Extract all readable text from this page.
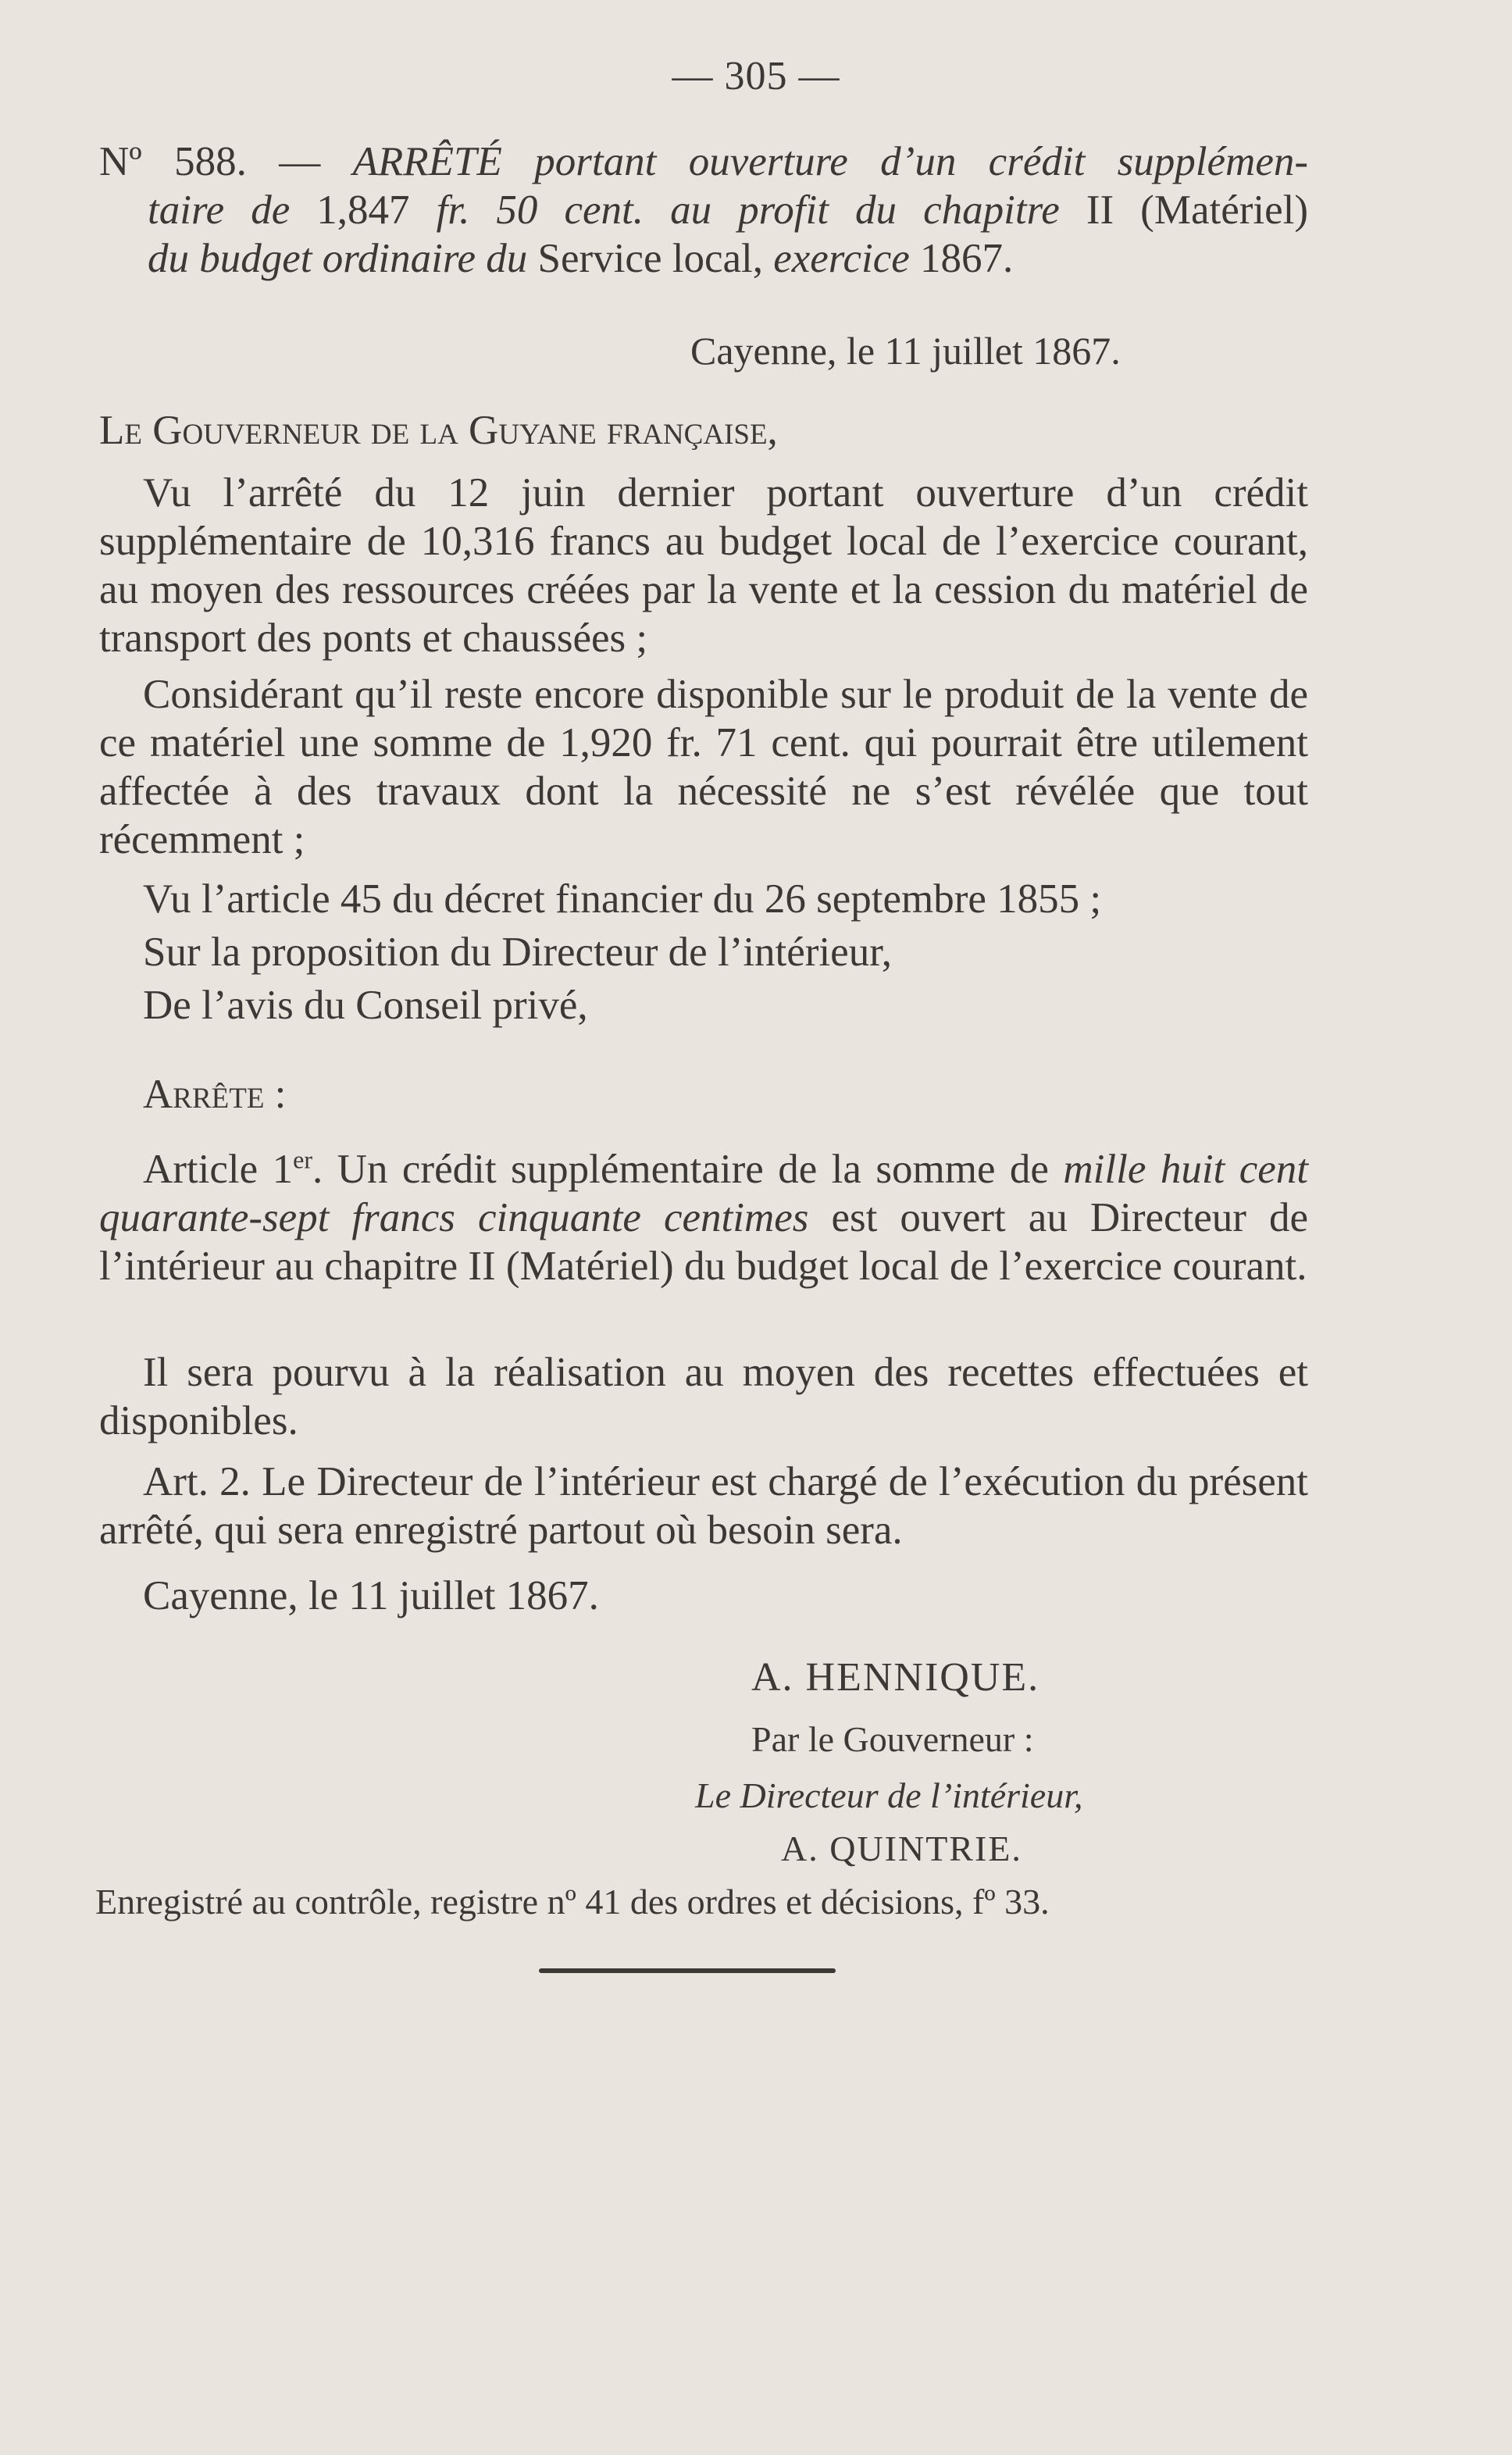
— 305 —
Nº 588. — ARRÊTÉ portant ouverture d’un crédit supplémen-
taire de 1,847 fr. 50 cent. au profit du chapitre II (Matériel)
du budget ordinaire du Service local, exercice 1867.
Cayenne, le 11 juillet 1867.
Le Gouverneur de la Guyane française,
Vu l’arrêté du 12 juin dernier portant ouverture d’un crédit supplémentaire de 10,316 francs au budget local de l’exercice courant, au moyen des ressources créées par la vente et la cession du matériel de transport des ponts et chaussées ;
Considérant qu’il reste encore disponible sur le produit de la vente de ce matériel une somme de 1,920 fr. 71 cent. qui pourrait être utilement affectée à des travaux dont la nécessité ne s’est révélée que tout récemment ;
Vu l’article 45 du décret financier du 26 septembre 1855 ;
Sur la proposition du Directeur de l’intérieur,
De l’avis du Conseil privé,
Arrête :
Article 1er. Un crédit supplémentaire de la somme de mille huit cent quarante-sept francs cinquante centimes est ouvert au Directeur de l’intérieur au chapitre II (Matériel) du budget local de l’exercice courant.
Il sera pourvu à la réalisation au moyen des recettes effectuées et disponibles.
Art. 2. Le Directeur de l’intérieur est chargé de l’exécution du présent arrêté, qui sera enregistré partout où besoin sera.
Cayenne, le 11 juillet 1867.
A. HENNIQUE.
Par le Gouverneur :
Le Directeur de l’intérieur,
A. QUINTRIE.
Enregistré au contrôle, registre nº 41 des ordres et décisions, fº 33.
